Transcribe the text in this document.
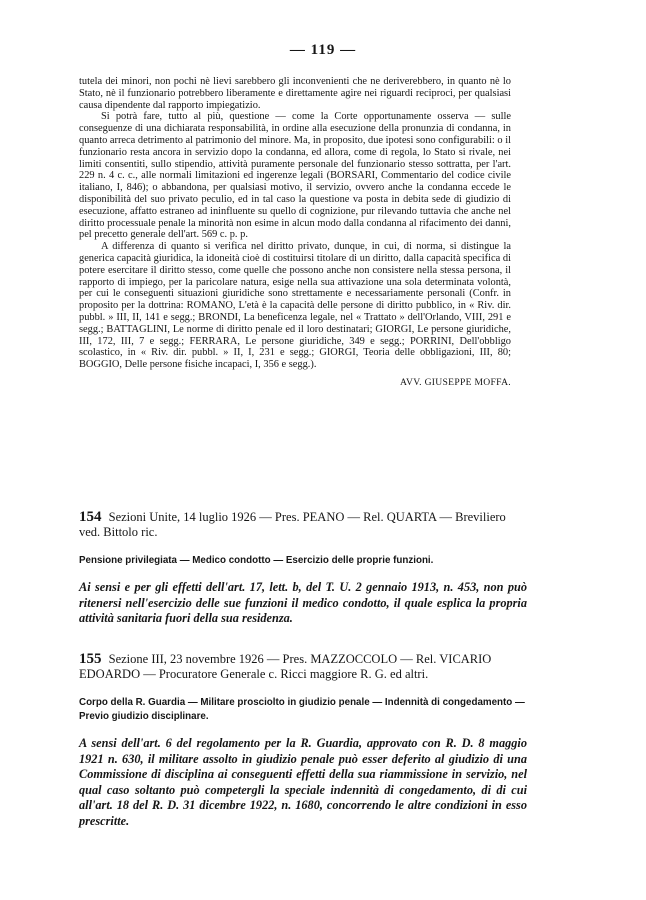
— 119 —

tutela dei minori, non pochi nè lievi sarebbero gli inconvenienti che ne deriverebbero, in quanto nè lo Stato, nè il funzionario potrebbero liberamente e direttamente agire nei riguardi reciproci, per qualsiasi causa dipendente dal rapporto impiegatizio.

Si potrà fare, tutto al più, questione — come la Corte opportunamente osserva — sulle conseguenze di una dichiarata responsabilità, in ordine alla esecuzione della pronunzia di condanna, in quanto arreca detrimento al patrimonio del minore. Ma, in proposito, due ipotesi sono configurabili: o il funzionario resta ancora in servizio dopo la condanna, ed allora, come di regola, lo Stato si rivale, nei limiti consentiti, sullo stipendio, attività puramente personale del funzionario stesso sottratta, per l'art. 229 n. 4 c. c., alle normali limitazioni ed ingerenze legali (BORSARI, Commentario del codice civile italiano, I, 846); o abbandona, per qualsiasi motivo, il servizio, ovvero anche la condanna eccede le disponibilità del suo privato peculio, ed in tal caso la questione va posta in debita sede di giudizio di esecuzione, affatto estraneo ad ininfluente su quello di cognizione, pur rilevando tuttavia che anche nel diritto processuale penale la minorità non esime in alcun modo dalla condanna al rifacimento dei danni, pel precetto generale dell'art. 569 c. p. p.

A differenza di quanto si verifica nel diritto privato, dunque, in cui, di norma, si distingue la generica capacità giuridica, la idoneità cioè di costituirsi titolare di un diritto, dalla capacità specifica di potere esercitare il diritto stesso, come quelle che possono anche non consistere nella stessa persona, il rapporto di impiego, per la paricolare natura, esige nella sua attivazione una sola determinata volontà, per cui le conseguenti situazioni giuridiche sono strettamente e necessariamente personali (Confr. in proposito per la dottrina: ROMANO, L'età è la capacità delle persone di diritto pubblico, in « Riv. dir. pubbl. » III, II, 141 e segg.; BRONDI, La beneficenza legale, nel « Trattato » dell'Orlando, VIII, 291 e segg.; BATTAGLINI, Le norme di diritto penale ed il loro destinatari; GIORGI, Le persone giuridiche, III, 172, III, 7 e segg.; FERRARA, Le persone giuridiche, 349 e segg.; PORRINI, Dell'obbligo scolastico, in « Riv. dir. pubbl. » II, I, 231 e segg.; GIORGI, Teoria delle obbligazioni, III, 80; BOGGIO, Delle persone fisiche incapaci, I, 356 e segg.).

AVV. GIUSEPPE MOFFA.
154 Sezioni Unite, 14 luglio 1926 — Pres. PEANO — Rel. QUARTA — Breviliero ved. Bittolo ric.
Pensione privilegiata — Medico condotto — Esercizio delle proprie funzioni.

Ai sensi e per gli effetti dell'art. 17, lett. b, del T. U. 2 gennaio 1913, n. 453, non può ritenersi nell'esercizio delle sue funzioni il medico condotto, il quale esplica la propria attività sanitaria fuori della sua residenza.

155 Sezione III, 23 novembre 1926 — Pres. MAZZOCCOLO — Rel. VICARIO EDOARDO — Procuratore Generale c. Ricci maggiore R. G. ed altri.
Corpo della R. Guardia — Militare prosciolto in giudizio penale — Indennità di congedamento — Previo giudizio disciplinare.

A sensi dell'art. 6 del regolamento per la R. Guardia, approvato con R. D. 8 maggio 1921 n. 630, il militare assolto in giudizio penale può esser deferito al giudizio di una Commissione di disciplina ai conseguenti effetti della sua riammissione in servizio, nel qual caso soltanto può competergli la speciale indennità di congedamento, di di cui all'art. 18 del R. D. 31 dicembre 1922, n. 1680, concorrendo le altre condizioni in esso prescritte.
